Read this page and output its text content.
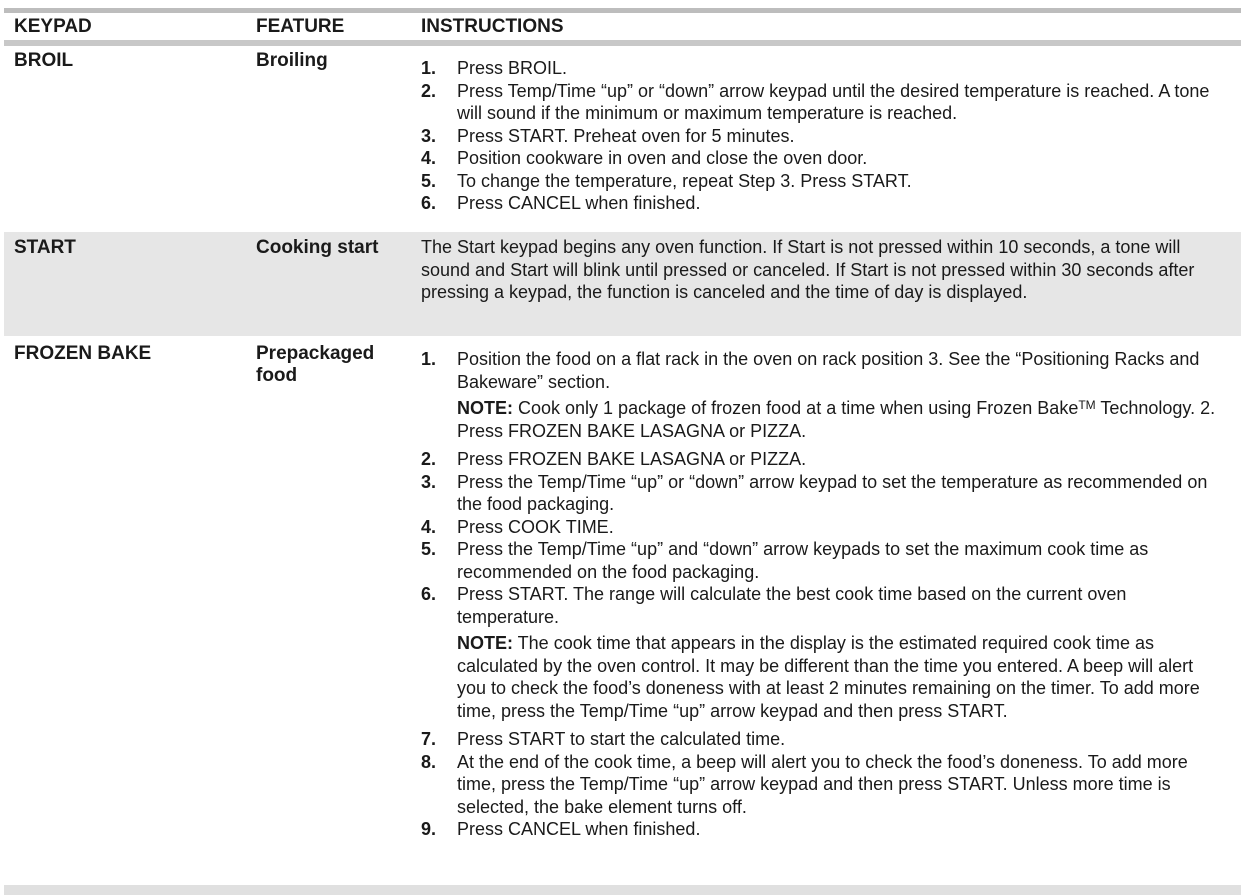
KEYPAD	FEATURE	INSTRUCTIONS
BROIL	Broiling	1.	Press BROIL.
2.	Press Temp/Time “up” or “down” arrow keypad until the desired temperature is reached. A tone will sound if the minimum or maximum temperature is reached.
3.	Press START. Preheat oven for 5 minutes.
4.	Position cookware in oven and close the oven door.
5.	To change the temperature, repeat Step 3. Press START.
6.	Press CANCEL when finished.
START	Cooking start	The Start keypad begins any oven function. If Start is not pressed within 10 seconds, a tone will sound and Start will blink until pressed or canceled. If Start is not pressed within 30 seconds after pressing a keypad, the function is canceled and the time of day is displayed.
FROZEN BAKE	Prepackaged food
1.	Position the food on a flat rack in the oven on rack position 3. See the “Positioning Racks and Bakeware” section.
NOTE: Cook only 1 package of frozen food at a time when using Frozen Bake™ Technology. 2. Press FROZEN BAKE LASAGNA or PIZZA.
2.	Press FROZEN BAKE LASAGNA or PIZZA.
3.	Press the Temp/Time “up” or “down” arrow keypad to set the temperature as recommended on the food packaging.
4.	Press COOK TIME.
5.	Press the Temp/Time “up” and “down” arrow keypads to set the maximum cook time as recommended on the food packaging.
6.	Press START. The range will calculate the best cook time based on the current oven temperature.
NOTE: The cook time that appears in the display is the estimated required cook time as calculated by the oven control. It may be different than the time you entered. A beep will alert you to check the food’s doneness with at least 2 minutes remaining on the timer. To add more time, press the Temp/Time “up” arrow keypad and then press START.
7.	Press START to start the calculated time.
8.	At the end of the cook time, a beep will alert you to check the food’s doneness. To add more time, press the Temp/Time “up” arrow keypad and then press START. Unless more time is selected, the bake element turns off.
9.	Press CANCEL when finished.
